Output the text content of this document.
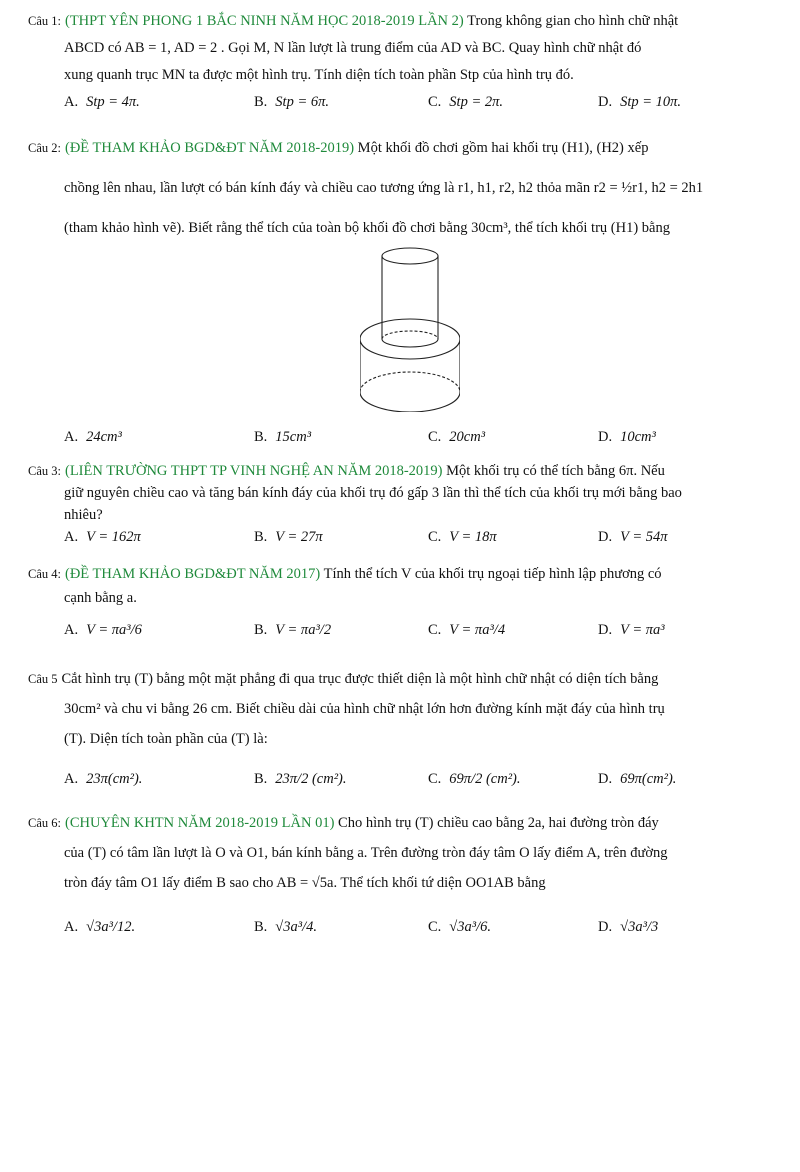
Câu 1: (THPT YÊN PHONG 1 BẮC NINH NĂM HỌC 2018-2019 LẦN 2) Trong không gian cho hình chữ nhật

ABCD có AB = 1, AD = 2 . Gọi M, N lần lượt là trung điểm của AD và BC. Quay hình chữ nhật đó

xung quanh trục MN ta được một hình trụ. Tính diện tích toàn phần Stp của hình trụ đó.

A. Stp = 4π.	B. Stp = 6π.	C. Stp = 2π.	D. Stp = 10π.

Câu 2: (ĐỀ THAM KHẢO BGD&ĐT NĂM 2018-2019) Một khối đồ chơi gồm hai khối trụ (H1), (H2) xếp

chồng lên nhau, lần lượt có bán kính đáy và chiều cao tương ứng là r1, h1, r2, h2 thỏa mãn r2 = ½r1, h2 = 2h1

(tham khảo hình vẽ). Biết rằng thể tích của toàn bộ khối đồ chơi bằng 30cm³, thể tích khối trụ (H1) bằng

A. 24cm³	B. 15cm³	C. 20cm³	D. 10cm³

Câu 3: (LIÊN TRƯỜNG THPT TP VINH NGHỆ AN NĂM 2018-2019) Một khối trụ có thể tích bằng 6π. Nếu

giữ nguyên chiều cao và tăng bán kính đáy của khối trụ đó gấp 3 lần thì thể tích của khối trụ mới bằng bao

nhiêu?

A. V = 162π	B. V = 27π	C. V = 18π	D. V = 54π

Câu 4: (ĐỀ THAM KHẢO BGD&ĐT NĂM 2017) Tính thể tích V của khối trụ ngoại tiếp hình lập phương có

cạnh bằng a.

A. V = πa³/6	B. V = πa³/2	C. V = πa³/4	D. V = πa³

Câu 5 Cắt hình trụ (T) bằng một mặt phẳng đi qua trục được thiết diện là một hình chữ nhật có diện tích bằng

30cm² và chu vi bằng 26 cm. Biết chiều dài của hình chữ nhật lớn hơn đường kính mặt đáy của hình trụ

(T). Diện tích toàn phần của (T) là:

A. 23π(cm²).	B. 23π/2 (cm²).	C. 69π/2 (cm²).	D. 69π(cm²).

Câu 6: (CHUYÊN KHTN NĂM 2018-2019 LẦN 01) Cho hình trụ (T) chiều cao bằng 2a, hai đường tròn đáy

của (T) có tâm lần lượt là O và O1, bán kính bằng a. Trên đường tròn đáy tâm O lấy điểm A, trên đường

tròn đáy tâm O1 lấy điểm B sao cho AB = √5a. Thể tích khối tứ diện OO1AB bằng

A. √3a³/12.	B. √3a³/4.	C. √3a³/6.	D. √3a³/3
